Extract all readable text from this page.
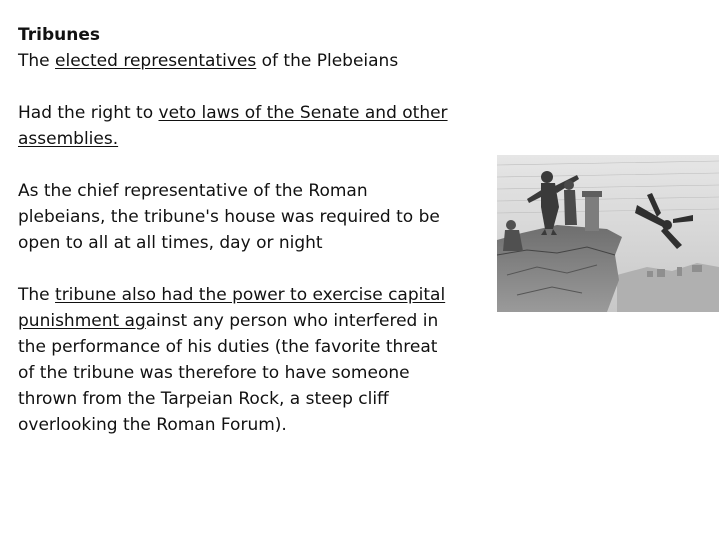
Tribunes
The elected representatives of the Plebeians
Had the right to veto laws of the Senate and other
assemblies.
As the chief representative of the Roman
plebeians, the tribune's house was required to be
open to all at all times, day or night
The tribune also had the power to exercise capital
punishment against any person who interfered in
the performance of his duties (the favorite threat
of the tribune was therefore to have someone
thrown from the Tarpeian Rock, a steep cliff
overlooking the Roman Forum).
